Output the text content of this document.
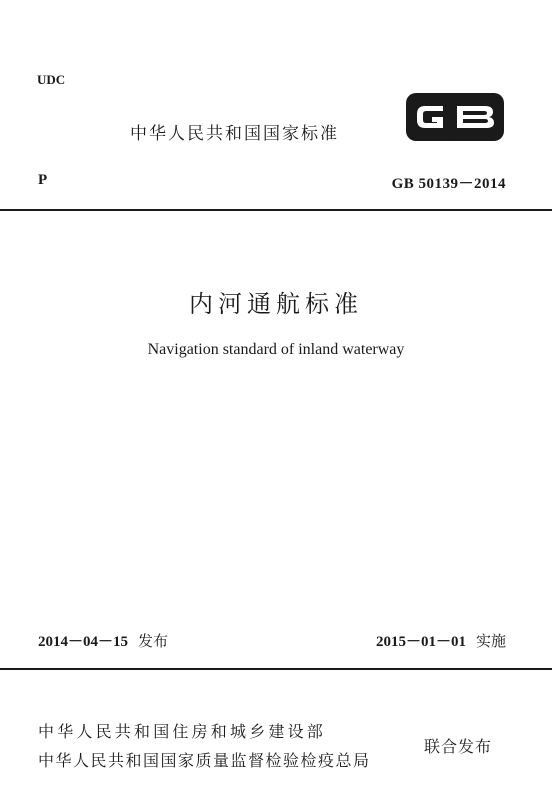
UDC
中华人民共和国国家标准	GB
P	GB 50139－2014
内河通航标准
Navigation standard of inland waterway
2014－04－15 发布	2015－01－01 实施
中华人民共和国住房和城乡建设部
中华人民共和国国家质量监督检验检疫总局
联合发布
